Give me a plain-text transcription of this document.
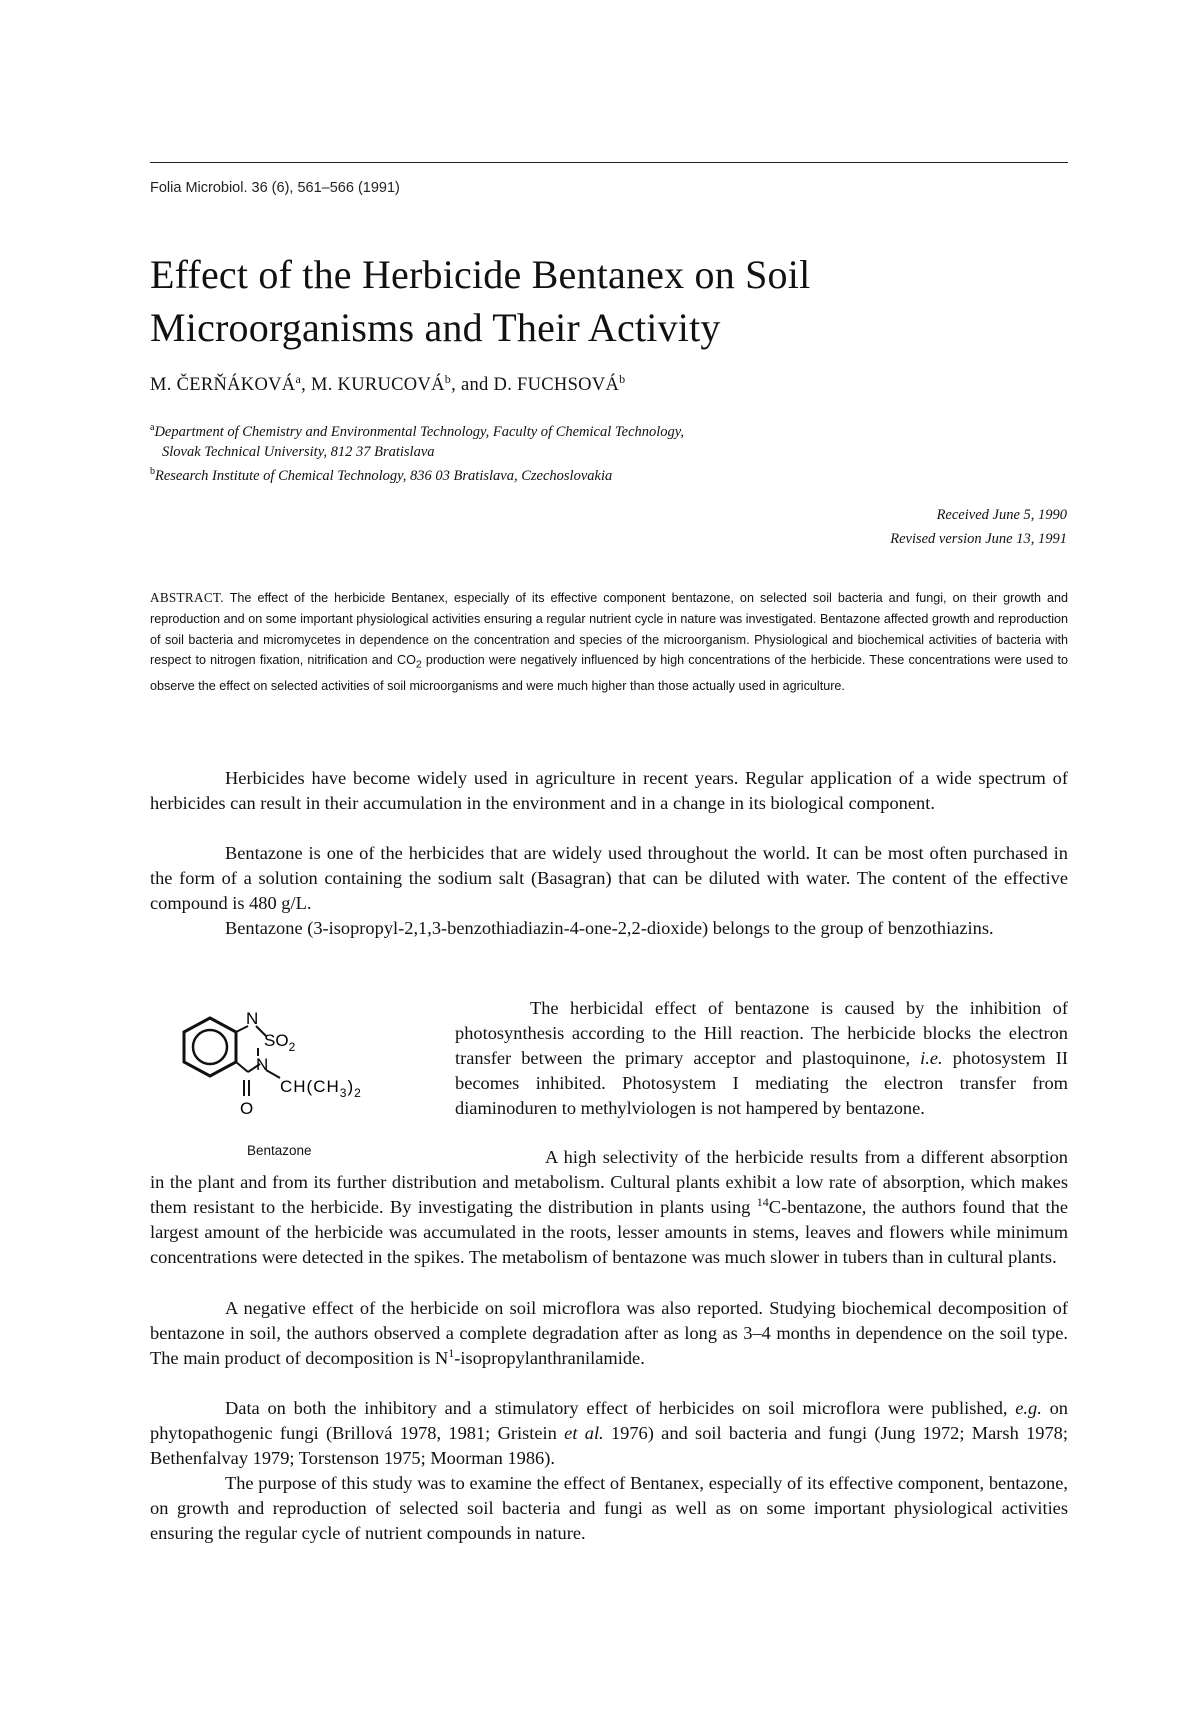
Folia Microbiol. 36 (6), 561–566 (1991)
Effect of the Herbicide Bentanex on Soil Microorganisms and Their Activity
M. ČERŇÁKOVÁ$^a$, M. KURUCOVÁ$^b$, and D. FUCHSOVÁ$^b$

$^a$Department of Chemistry and Environmental Technology, Faculty of Chemical Technology,

Slovak Technical University, 812 37 Bratislava

$^b$Research Institute of Chemical Technology, 836 03 Bratislava, Czechoslovakia

Received June 5, 1990
Revised version June 13, 1991

ABSTRACT. The effect of the herbicide Bentanex, especially of its effective component bentazone, on selected soil bacteria and fungi, on their growth and reproduction and on some important physiological activities ensuring a regular nutrient cycle in nature was investigated. Bentazone affected growth and reproduction of soil bacteria and micromycetes in dependence on the concentration and species of the microorganism. Physiological and biochemical activities of bacteria with respect to nitrogen fixation, nitrification and $CO_2$ production were negatively influenced by high concentrations of the herbicide. These concentrations were used to observe the effect on selected activities of soil microorganisms and were much higher than those actually used in agriculture.

Herbicides have become widely used in agriculture in recent years. Regular application of a wide spectrum of herbicides can result in their accumulation in the environment and in a change in its biological component.

Bentazone is one of the herbicides that are widely used throughout the world. It can be most often purchased in the form of a solution containing the sodium salt (Basagran) that can be diluted with water. The content of the effective compound is 480 g/L.

Bentazone (3-isopropyl-2,1,3-benzothiadiazin-4-one-2,2-dioxide) belongs to the group of benzothiazins.

N
$SO_2$
N
$CH(CH_3)_2$
O
Bentazone

The herbicidal effect of bentazone is caused by the inhibition of photosynthesis according to the Hill reaction. The herbicide blocks the electron transfer between the primary acceptor and plastoquinone, i.e. photosystem II becomes inhibited. Photosystem I mediating the electron transfer from diaminoduren to methylviologen is not hampered by bentazone.

A high selectivity of the herbicide results from a different absorption in the plant and from its further distribution and metabolism. Cultural plants exhibit a low rate of absorption, which makes them resistant to the herbicide. By investigating the distribution in plants using $^{14}$C-bentazone, the authors found that the largest amount of the herbicide was accumulated in the roots, lesser amounts in stems, leaves and flowers while minimum concentrations were detected in the spikes. The metabolism of bentazone was much slower in tubers than in cultural plants.

A negative effect of the herbicide on soil microflora was also reported. Studying biochemical decomposition of bentazone in soil, the authors observed a complete degradation after as long as 3–4 months in dependence on the soil type. The main product of decomposition is $N^1$-isopropylanthranilamide.

Data on both the inhibitory and a stimulatory effect of herbicides on soil microflora were published, e.g. on phytopathogenic fungi (Brillová 1978, 1981; Gristein et al. 1976) and soil bacteria and fungi (Jung 1972; Marsh 1978; Bethenfalvay 1979; Torstenson 1975; Moorman 1986).

The purpose of this study was to examine the effect of Bentanex, especially of its effective component, bentazone, on growth and reproduction of selected soil bacteria and fungi as well as on some important physiological activities ensuring the regular cycle of nutrient compounds in nature.
